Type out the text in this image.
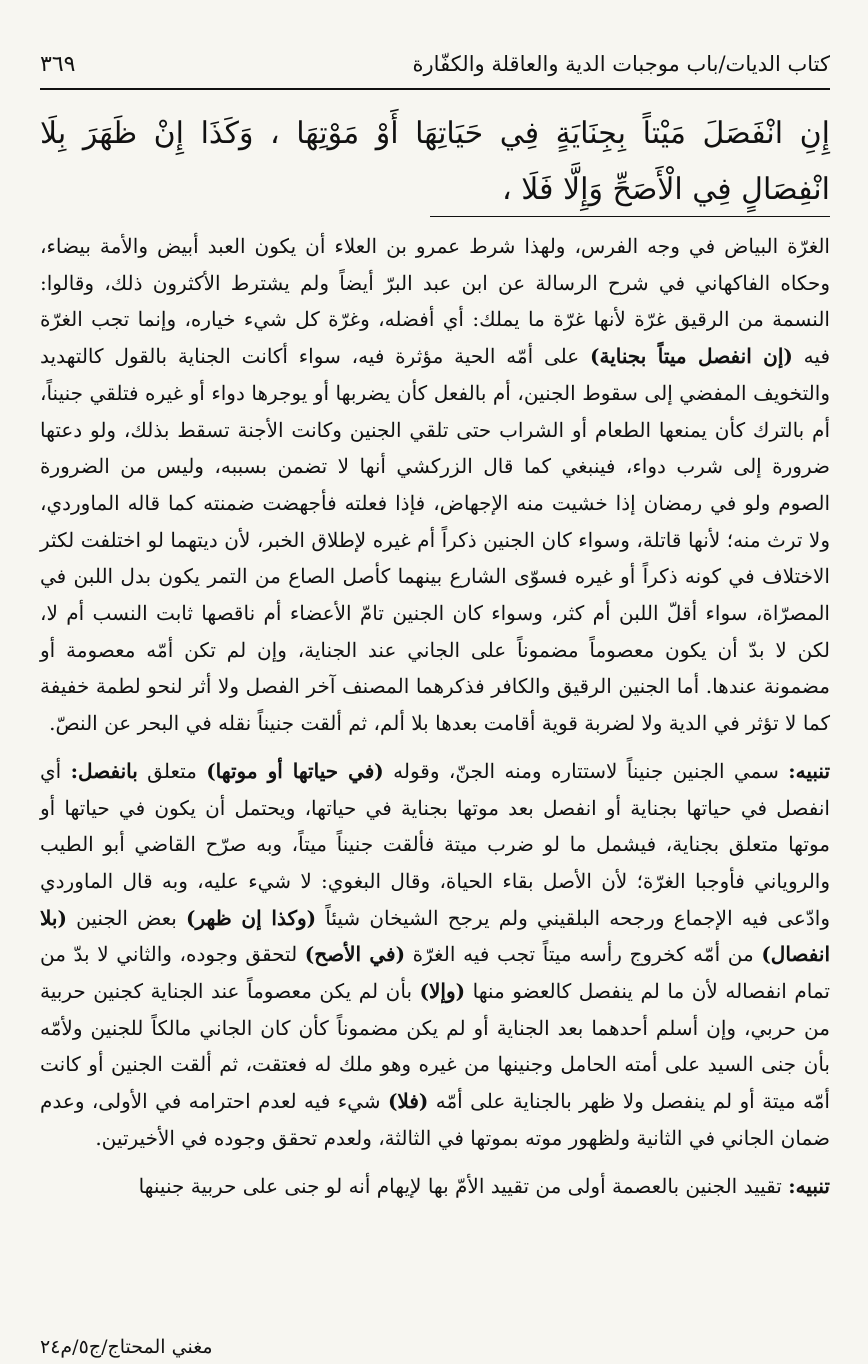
كتاب الديات/باب موجبات الدية والعاقلة والكفّارة
٣٦٩
إِنِ انْفَصَلَ مَيْتاً بِجِنَايَةٍ فِي حَيَاتِهَا أَوْ مَوْتِهَا ، وَكَذَا إِنْ ظَهَرَ بِلَا انْفِصَالٍ فِي الْأَصَحِّ وَإِلَّا فَلَا ،

الغرّة البياض في وجه الفرس، ولهذا شرط عمرو بن العلاء أن يكون العبد أبيض والأمة بيضاء، وحكاه الفاكهاني في شرح الرسالة عن ابن عبد البرّ أيضاً ولم يشترط الأكثرون ذلك، وقالوا: النسمة من الرقيق غرّة لأنها غرّة ما يملك: أي أفضله، وغرّة كل شيء خياره، وإنما تجب الغرّة فيه (إن انفصل ميتاً بجناية) على أمّه الحية مؤثرة فيه، سواء أكانت الجناية بالقول كالتهديد والتخويف المفضي إلى سقوط الجنين، أم بالفعل كأن يضربها أو يوجرها دواء أو غيره فتلقي جنيناً، أم بالترك كأن يمنعها الطعام أو الشراب حتى تلقي الجنين وكانت الأجنة تسقط بذلك، ولو دعتها ضرورة إلى شرب دواء، فينبغي كما قال الزركشي أنها لا تضمن بسببه، وليس من الضرورة الصوم ولو في رمضان إذا خشيت منه الإجهاض، فإذا فعلته فأجهضت ضمنته كما قاله الماوردي، ولا ترث منه؛ لأنها قاتلة، وسواء كان الجنين ذكراً أم غيره لإطلاق الخبر، لأن ديتهما لو اختلفت لكثر الاختلاف في كونه ذكراً أو غيره فسوّى الشارع بينهما كأصل الصاع من التمر يكون بدل اللبن في المصرّاة، سواء أقلّ اللبن أم كثر، وسواء كان الجنين تامّ الأعضاء أم ناقصها ثابت النسب أم لا، لكن لا بدّ أن يكون معصوماً مضموناً على الجاني عند الجناية، وإن لم تكن أمّه معصومة أو مضمونة عندها. أما الجنين الرقيق والكافر فذكرهما المصنف آخر الفصل ولا أثر لنحو لطمة خفيفة كما لا تؤثر في الدية ولا لضربة قوية أقامت بعدها بلا ألم، ثم ألقت جنيناً نقله في البحر عن النصّ.

تنبيه: سمي الجنين جنيناً لاستتاره ومنه الجنّ، وقوله (في حياتها أو موتها) متعلق بانفصل: أي انفصل في حياتها بجناية أو انفصل بعد موتها بجناية في حياتها، ويحتمل أن يكون في حياتها أو موتها متعلق بجناية، فيشمل ما لو ضرب ميتة فألقت جنيناً ميتاً، وبه صرّح القاضي أبو الطيب والروياني فأوجبا الغرّة؛ لأن الأصل بقاء الحياة، وقال البغوي: لا شيء عليه، وبه قال الماوردي وادّعى فيه الإجماع ورجحه البلقيني ولم يرجح الشيخان شيئاً (وكذا إن ظهر) بعض الجنين (بلا انفصال) من أمّه كخروج رأسه ميتاً تجب فيه الغرّة (في الأصح) لتحقق وجوده، والثاني لا بدّ من تمام انفصاله لأن ما لم ينفصل كالعضو منها (وإلا) بأن لم يكن معصوماً عند الجناية كجنين حربية من حربي، وإن أسلم أحدهما بعد الجناية أو لم يكن مضموناً كأن كان الجاني مالكاً للجنين ولأمّه بأن جنى السيد على أمته الحامل وجنينها من غيره وهو ملك له فعتقت، ثم ألقت الجنين أو كانت أمّه ميتة أو لم ينفصل ولا ظهر بالجناية على أمّه (فلا) شيء فيه لعدم احترامه في الأولى، وعدم ضمان الجاني في الثانية ولظهور موته بموتها في الثالثة، ولعدم تحقق وجوده في الأخيرتين.

تنبيه: تقييد الجنين بالعصمة أولى من تقييد الأمّ بها لإيهام أنه لو جنى على حربية جنينها

مغني المحتاج/ج٥/م٢٤
